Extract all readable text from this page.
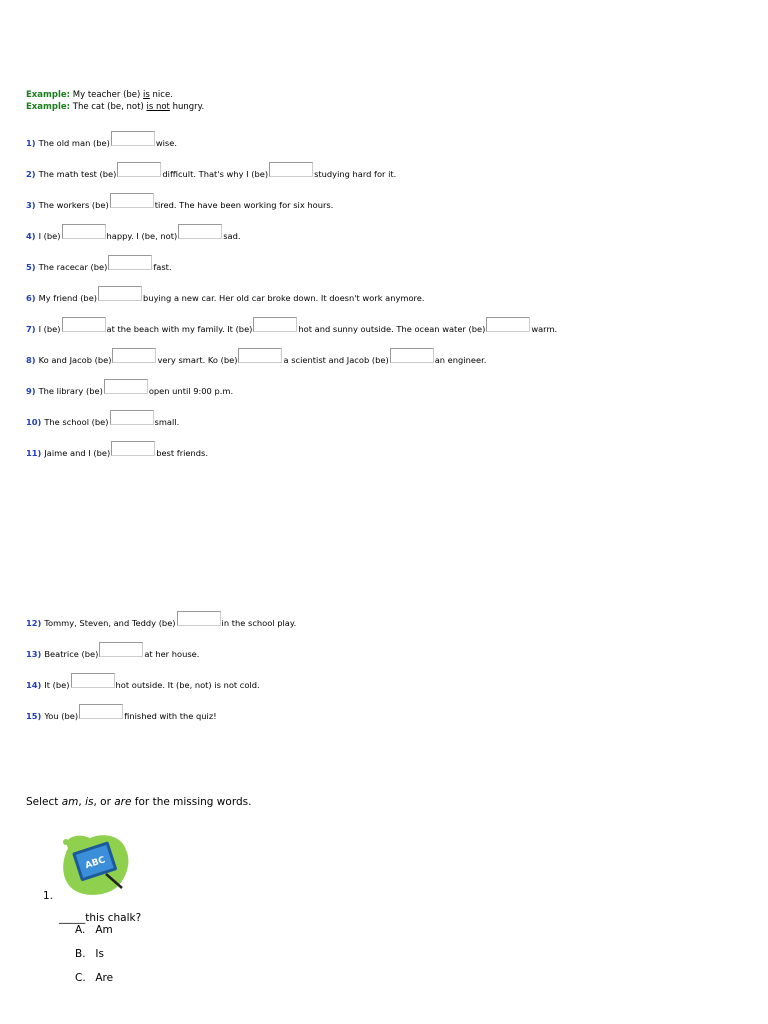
Example: My teacher (be) is nice.
Example: The cat (be, not) is not hungry.
1) The old man (be)	wise.
2) The math test (be)	difficult. That's why I (be)	studying hard for it.
3) The workers (be)	tired. The have been working for six hours.
4) I (be)	happy. I (be, not)	sad.
5) The racecar (be)	fast.
6) My friend (be)	buying a new car. Her old car broke down. It doesn't work anymore.
7) I (be)	at the beach with my family. It (be)	hot and sunny outside. The ocean water (be)	warm.
8) Ko and Jacob (be)	very smart. Ko (be)	a scientist and Jacob (be)	an engineer.
9) The library (be)	open until 9:00 p.m.
10) The school (be)	small.
11) Jaime and I (be)	best friends.
12) Tommy, Steven, and Teddy (be)	in the school play.
13) Beatrice (be)	at her house.
14) It (be)	hot outside. It (be, not) is not cold.
15) You (be)	finished with the quiz!
Select am, is, or are for the missing words.
ABC
1.
_____this chalk?
A. Am
B. Is
C. Are
